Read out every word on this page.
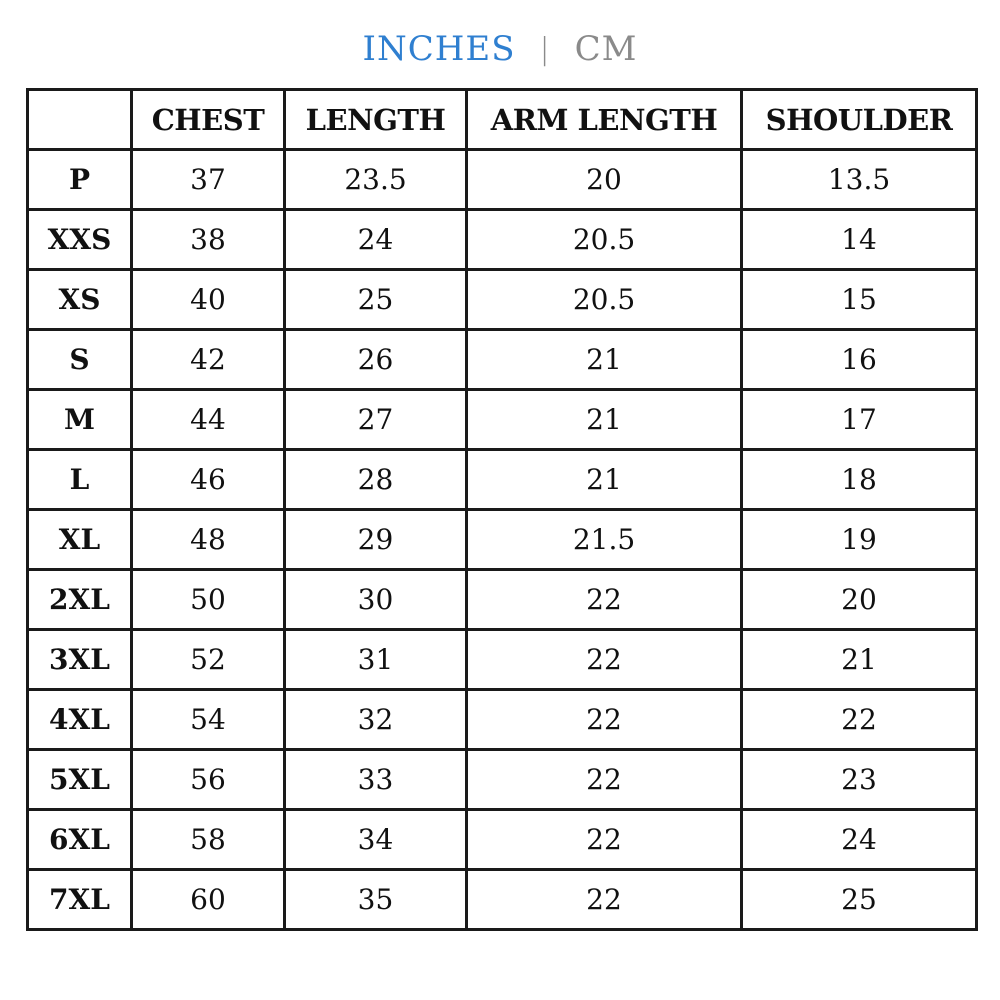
INCHES | CM
	CHEST	LENGTH	ARM LENGTH	SHOULDER
P	37	23.5	20	13.5
XXS	38	24	20.5	14
XS	40	25	20.5	15
S	42	26	21	16
M	44	27	21	17
L	46	28	21	18
XL	48	29	21.5	19
2XL	50	30	22	20
3XL	52	31	22	21
4XL	54	32	22	22
5XL	56	33	22	23
6XL	58	34	22	24
7XL	60	35	22	25
